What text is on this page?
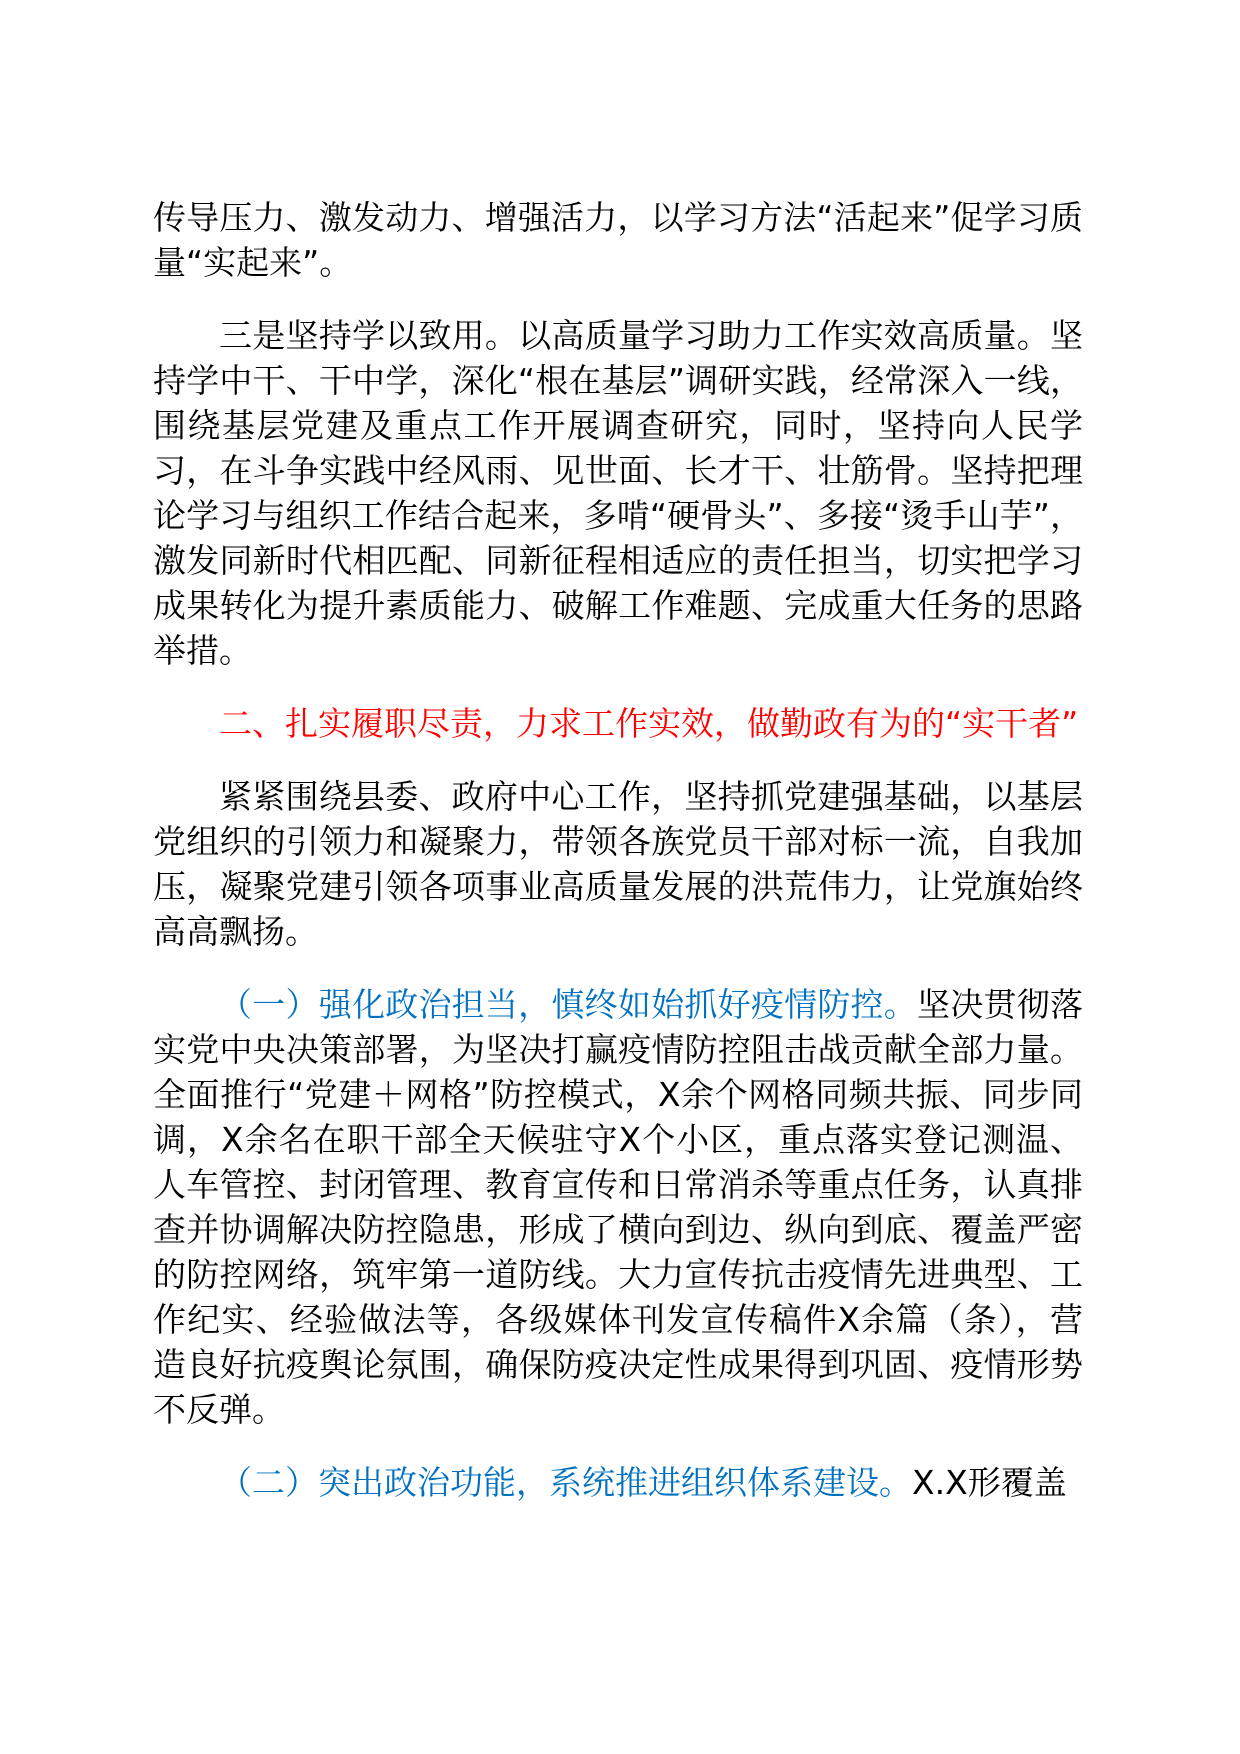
传导压力、激发动力、增强活力，以学习方法“活起来”促学习质量“实起来”。

三是坚持学以致用。以高质量学习助力工作实效高质量。坚持学中干、干中学，深化“根在基层”调研实践，经常深入一线，围绕基层党建及重点工作开展调查研究，同时，坚持向人民学习，在斗争实践中经风雨、见世面、长才干、壮筋骨。坚持把理论学习与组织工作结合起来，多啃“硬骨头”、多接“烫手山芋”，激发同新时代相匹配、同新征程相适应的责任担当，切实把学习成果转化为提升素质能力、破解工作难题、完成重大任务的思路举措。

二、扎实履职尽责，力求工作实效，做勤政有为的“实干者”

紧紧围绕县委、政府中心工作，坚持抓党建强基础，以基层党组织的引领力和凝聚力，带领各族党员干部对标一流，自我加压，凝聚党建引领各项事业高质量发展的洪荒伟力，让党旗始终高高飘扬。

（一）强化政治担当，慎终如始抓好疫情防控。坚决贯彻落实党中央决策部署，为坚决打赢疫情防控阻击战贡献全部力量。全面推行“党建＋网格”防控模式，X余个网格同频共振、同步同调，X余名在职干部全天候驻守X个小区，重点落实登记测温、人车管控、封闭管理、教育宣传和日常消杀等重点任务，认真排查并协调解决防控隐患，形成了横向到边、纵向到底、覆盖严密的防控网络，筑牢第一道防线。大力宣传抗击疫情先进典型、工作纪实、经验做法等，各级媒体刊发宣传稿件X余篇（条），营造良好抗疫舆论氛围，确保防疫决定性成果得到巩固、疫情形势不反弹。

（二）突出政治功能，系统推进组织体系建设。X.X形覆盖
